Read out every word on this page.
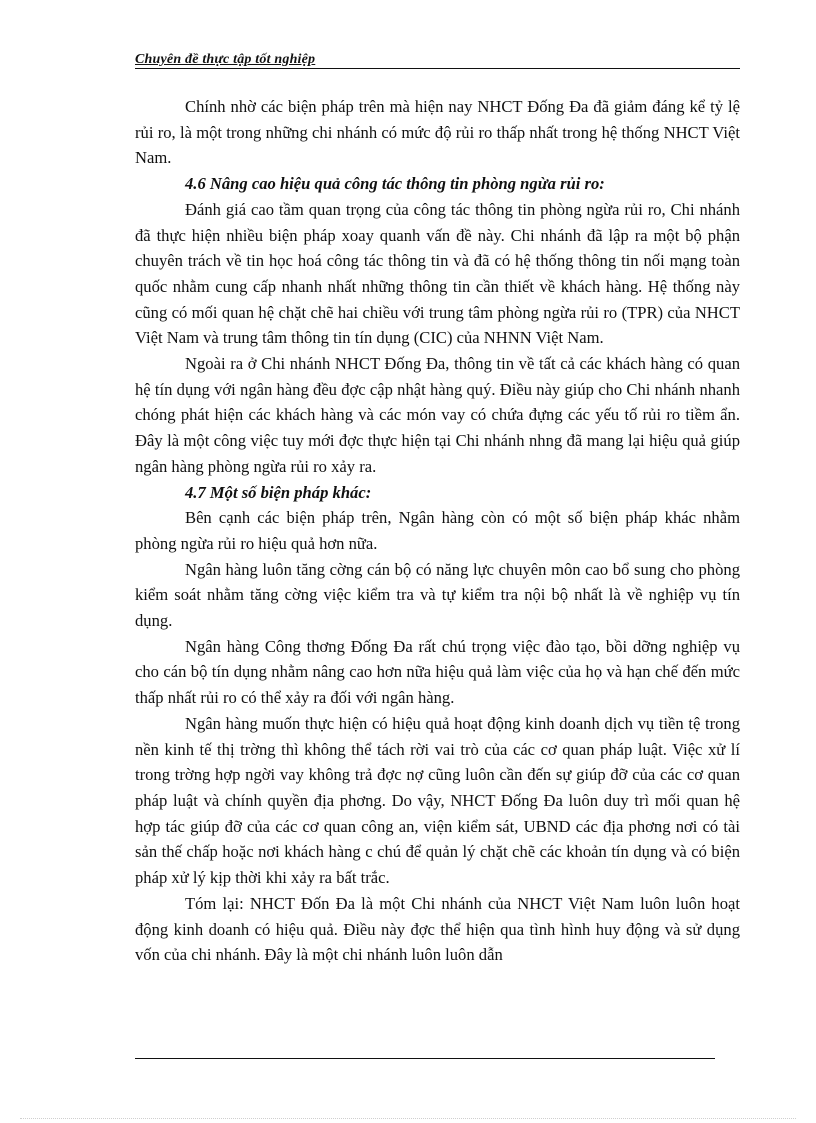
Chuyên đề thực tập tốt nghiệp

Chính nhờ các biện pháp trên mà hiện nay NHCT Đống Đa đã giảm đáng kể tỷ lệ rủi ro, là một trong những chi nhánh có mức độ rủi ro thấp nhất trong hệ thống NHCT Việt Nam.

4.6 Nâng cao hiệu quả công tác thông tin phòng ngừa rủi ro:

Đánh giá cao tầm quan trọng của công tác thông tin phòng ngừa rủi ro, Chi nhánh đã thực hiện nhiều biện pháp xoay quanh vấn đề này. Chi nhánh đã lập ra một bộ phận chuyên trách về tin học hoá công tác thông tin và đã có hệ thống thông tin nối mạng toàn quốc nhằm cung cấp nhanh nhất những thông tin cần thiết về khách hàng. Hệ thống này cũng có mối quan hệ chặt chẽ hai chiều với trung tâm phòng ngừa rủi ro (TPR) của NHCT Việt Nam và trung tâm thông tin tín dụng (CIC) của NHNN Việt Nam.

Ngoài ra ở Chi nhánh NHCT Đống Đa, thông tin về tất cả các khách hàng có quan hệ tín dụng với ngân hàng đều đợc cập nhật hàng quý. Điều này giúp cho Chi nhánh nhanh chóng phát hiện các khách hàng và các món vay có chứa đựng các yếu tố rủi ro tiềm ẩn. Đây là một công việc tuy mới đợc thực hiện tại Chi nhánh nhng đã mang lại hiệu quả giúp ngân hàng phòng ngừa rủi ro xảy ra.

4.7 Một số biện pháp khác:

Bên cạnh các biện pháp trên, Ngân hàng còn có một số biện pháp khác nhằm phòng ngừa rủi ro hiệu quả hơn nữa.

Ngân hàng luôn tăng cờng cán bộ có năng lực chuyên môn cao bổ sung cho phòng kiểm soát nhằm tăng cờng việc kiểm tra và tự kiểm tra nội bộ nhất là về nghiệp vụ tín dụng.

Ngân hàng Công thơng Đống Đa rất chú trọng việc đào tạo, bồi dỡng nghiệp vụ cho cán bộ tín dụng nhằm nâng cao hơn nữa hiệu quả làm việc của họ và hạn chế đến mức thấp nhất rủi ro có thể xảy ra đối với ngân hàng.

Ngân hàng muốn thực hiện có hiệu quả hoạt động kinh doanh dịch vụ tiền tệ trong nền kinh tế thị trờng thì không thể tách rời vai trò của các cơ quan pháp luật. Việc xử lí trong trờng hợp ngời vay không trả đợc nợ cũng luôn cần đến sự giúp đỡ của các cơ quan pháp luật và chính quyền địa phơng. Do vậy, NHCT Đống Đa luôn duy trì mối quan hệ hợp tác giúp đỡ của các cơ quan công an, viện kiểm sát, UBND các địa phơng nơi có tài sản thế chấp hoặc nơi khách hàng c chú để quản lý chặt chẽ các khoản tín dụng và có biện pháp xử lý kịp thời khi xảy ra bất trắc.

Tóm lại: NHCT Đốn Đa là một Chi nhánh của NHCT Việt Nam luôn luôn hoạt động kinh doanh có hiệu quả. Điều này đợc thể hiện qua tình hình huy động và sử dụng vốn của chi nhánh. Đây là một chi nhánh luôn luôn dẫn
